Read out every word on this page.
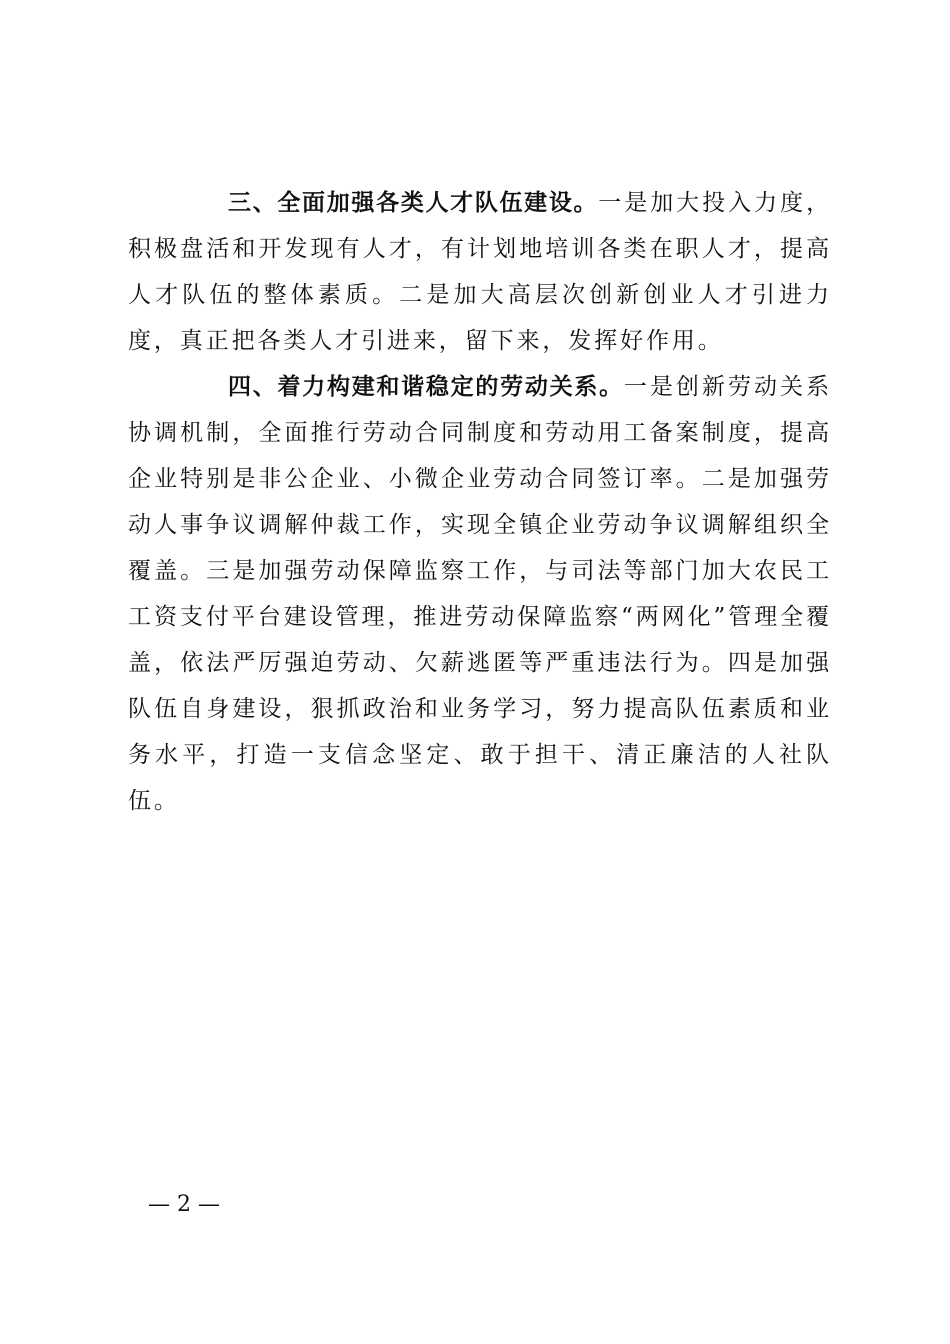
三、全面加强各类人才队伍建设。一是加大投入力度，积极盘活和开发现有人才，有计划地培训各类在职人才，提高人才队伍的整体素质。二是加大高层次创新创业人才引进力度，真正把各类人才引进来，留下来，发挥好作用。

四、着力构建和谐稳定的劳动关系。一是创新劳动关系协调机制，全面推行劳动合同制度和劳动用工备案制度，提高企业特别是非公企业、小微企业劳动合同签订率。二是加强劳动人事争议调解仲裁工作，实现全镇企业劳动争议调解组织全覆盖。三是加强劳动保障监察工作，与司法等部门加大农民工工资支付平台建设管理，推进劳动保障监察“两网化”管理全覆盖，依法严厉强迫劳动、欠薪逃匿等严重违法行为。四是加强队伍自身建设，狠抓政治和业务学习，努力提高队伍素质和业务水平，打造一支信念坚定、敢于担干、清正廉洁的人社队伍。

— 2 —
